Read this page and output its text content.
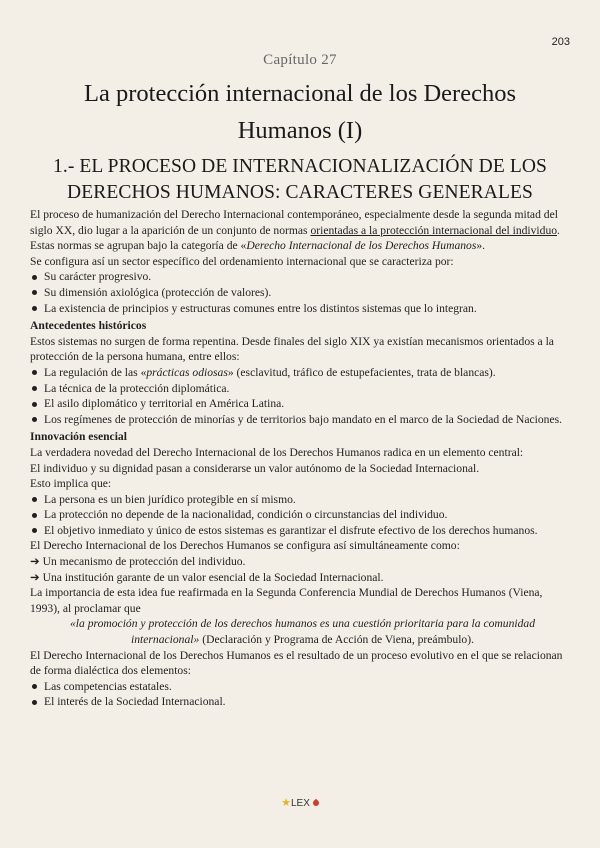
203
Capítulo 27
La protección internacional de los Derechos Humanos (I)
1.- EL PROCESO DE INTERNACIONALIZACIÓN DE LOS DERECHOS HUMANOS: CARACTERES GENERALES

El proceso de humanización del Derecho Internacional contemporáneo, especialmente desde la segunda mitad del siglo XX, dio lugar a la aparición de un conjunto de normas orientadas a la protección internacional del individuo. Estas normas se agrupan bajo la categoría de «Derecho Internacional de los Derechos Humanos».

Se configura así un sector específico del ordenamiento internacional que se caracteriza por:

Su carácter progresivo.
Su dimensión axiológica (protección de valores).
La existencia de principios y estructuras comunes entre los distintos sistemas que lo integran.
Antecedentes históricos

Estos sistemas no surgen de forma repentina. Desde finales del siglo XIX ya existían mecanismos orientados a la protección de la persona humana, entre ellos:

La regulación de las «prácticas odiosas» (esclavitud, tráfico de estupefacientes, trata de blancas).
La técnica de la protección diplomática.
El asilo diplomático y territorial en América Latina.
Los regímenes de protección de minorías y de territorios bajo mandato en el marco de la Sociedad de Naciones.
Innovación esencial

La verdadera novedad del Derecho Internacional de los Derechos Humanos radica en un elemento central:

El individuo y su dignidad pasan a considerarse un valor autónomo de la Sociedad Internacional.

Esto implica que:

La persona es un bien jurídico protegible en sí mismo.
La protección no depende de la nacionalidad, condición o circunstancias del individuo.
El objetivo inmediato y único de estos sistemas es garantizar el disfrute efectivo de los derechos humanos.

El Derecho Internacional de los Derechos Humanos se configura así simultáneamente como:

➔ Un mecanismo de protección del individuo.

➔ Una institución garante de un valor esencial de la Sociedad Internacional.

La importancia de esta idea fue reafirmada en la Segunda Conferencia Mundial de Derechos Humanos (Viena, 1993), al proclamar que

«la promoción y protección de los derechos humanos es una cuestión prioritaria para la comunidad internacional» (Declaración y Programa de Acción de Viena, preámbulo).

El Derecho Internacional de los Derechos Humanos es el resultado de un proceso evolutivo en el que se relacionan de forma dialéctica dos elementos:

Las competencias estatales.
El interés de la Sociedad Internacional.
★LEX
